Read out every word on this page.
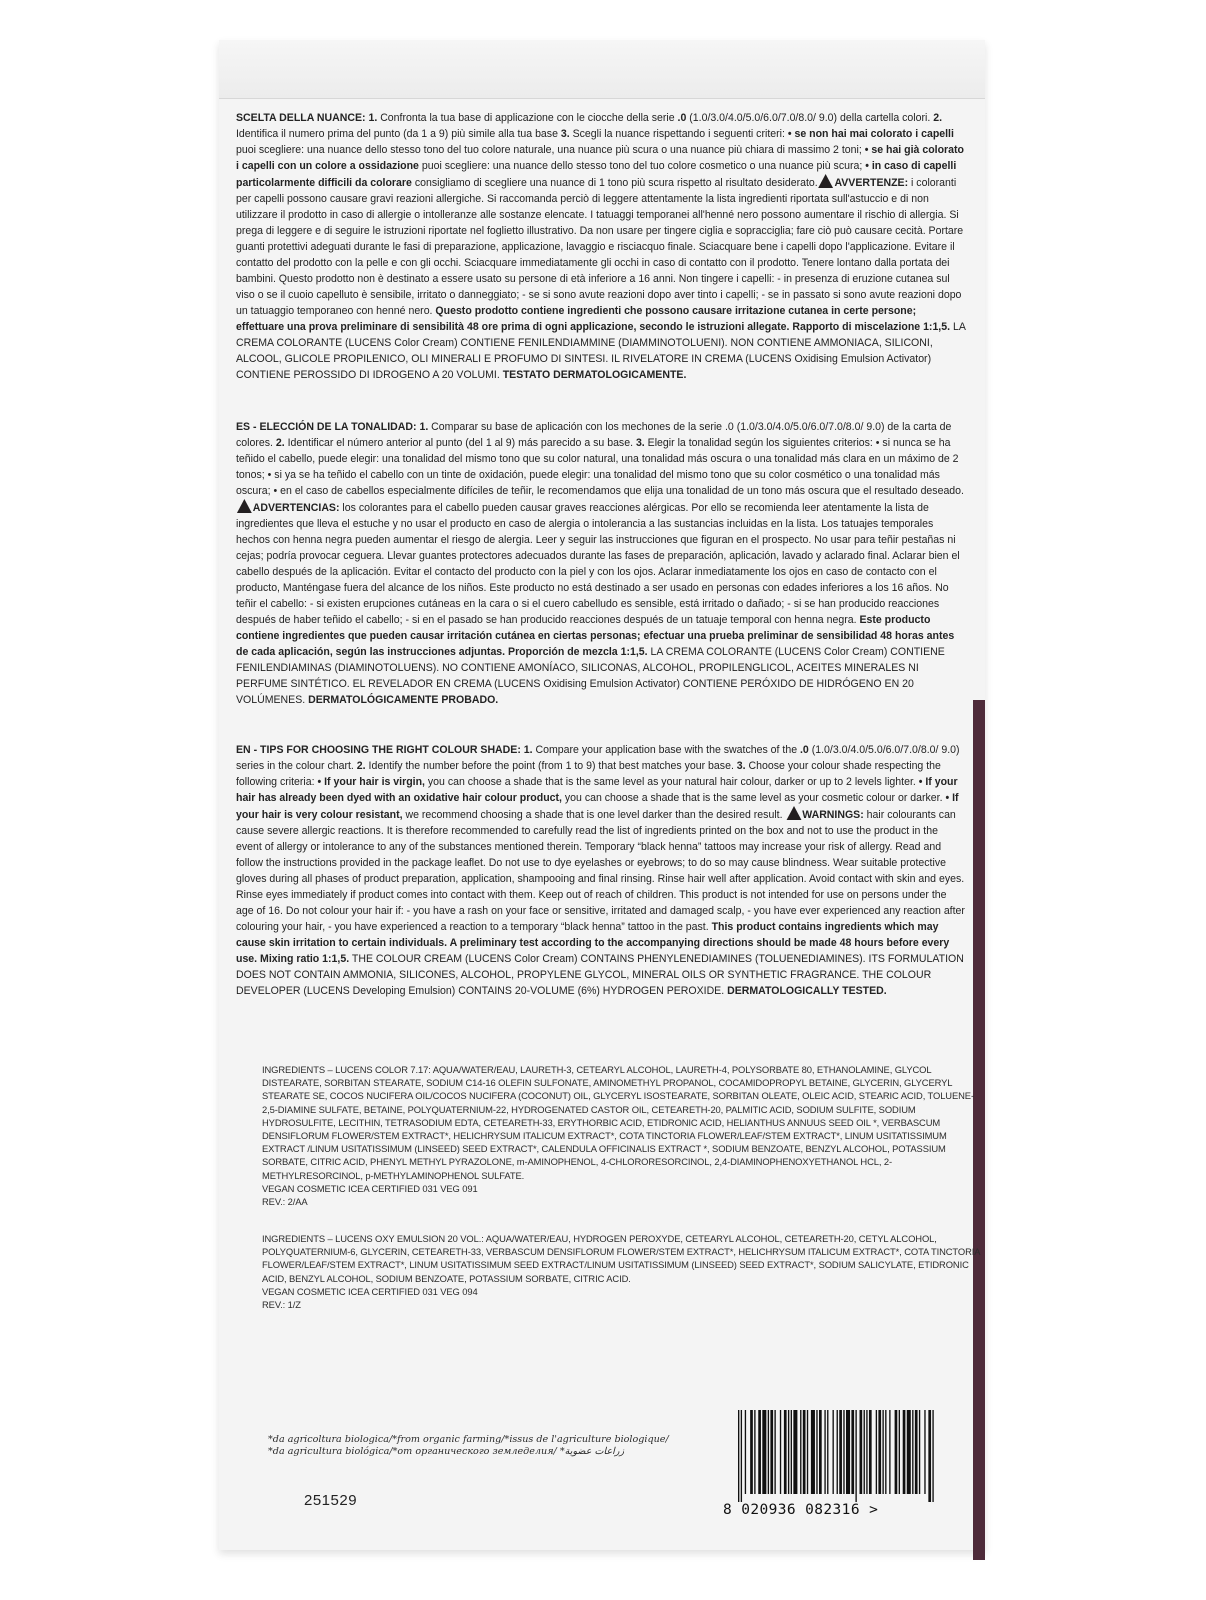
SCELTA DELLA NUANCE: 1. Confronta la tua base di applicazione con le ciocche della serie .0 (1.0/3.0/4.0/5.0/6.0/7.0/8.0/ 9.0) della cartella colori. 2. Identifica il numero prima del punto (da 1 a 9) più simile alla tua base 3. Scegli la nuance rispettando i seguenti criteri: • se non hai mai colorato i capelli puoi scegliere: una nuance dello stesso tono del tuo colore naturale, una nuance più scura o una nuance più chiara di massimo 2 toni; • se hai già colorato i capelli con un colore a ossidazione puoi scegliere: una nuance dello stesso tono del tuo colore cosmetico o una nuance più scura; • in caso di capelli particolarmente difficili da colorare consigliamo di scegliere una nuance di 1 tono più scura rispetto al risultato desiderato. AVVERTENZE: i coloranti per capelli possono causare gravi reazioni allergiche. Si raccomanda perciò di leggere attentamente la lista ingredienti riportata sull'astuccio e di non utilizzare il prodotto in caso di allergie o intolleranze alle sostanze elencate. I tatuaggi temporanei all'henné nero possono aumentare il rischio di allergia. Si prega di leggere e di seguire le istruzioni riportate nel foglietto illustrativo. Da non usare per tingere ciglia e sopracciglia; fare ciò può causare cecità. Portare guanti protettivi adeguati durante le fasi di preparazione, applicazione, lavaggio e risciacquo finale. Sciacquare bene i capelli dopo l'applicazione. Evitare il contatto del prodotto con la pelle e con gli occhi. Sciacquare immediatamente gli occhi in caso di contatto con il prodotto. Tenere lontano dalla portata dei bambini. Questo prodotto non è destinato a essere usato su persone di età inferiore a 16 anni. Non tingere i capelli: - in presenza di eruzione cutanea sul viso o se il cuoio capelluto è sensibile, irritato o danneggiato; - se si sono avute reazioni dopo aver tinto i capelli; - se in passato si sono avute reazioni dopo un tatuaggio temporaneo con henné nero. Questo prodotto contiene ingredienti che possono causare irritazione cutanea in certe persone; effettuare una prova preliminare di sensibilità 48 ore prima di ogni applicazione, secondo le istruzioni allegate. Rapporto di miscelazione 1:1,5. LA CREMA COLORANTE (LUCENS Color Cream) CONTIENE FENILENDIAMMINE (DIAMMINOTOLUENI). NON CONTIENE AMMONIACA, SILICONI, ALCOOL, GLICOLE PROPILENICO, OLI MINERALI E PROFUMO DI SINTESI. IL RIVELATORE IN CREMA (LUCENS Oxidising Emulsion Activator) CONTIENE PEROSSIDO DI IDROGENO A 20 VOLUMI. TESTATO DERMATOLOGICAMENTE.

ES - ELECCIÓN DE LA TONALIDAD: 1. Comparar su base de aplicación con los mechones de la serie .0 (1.0/3.0/4.0/5.0/6.0/7.0/8.0/ 9.0) de la carta de colores. 2. Identificar el número anterior al punto (del 1 al 9) más parecido a su base. 3. Elegir la tonalidad según los siguientes criterios: • si nunca se ha teñido el cabello, puede elegir: una tonalidad del mismo tono que su color natural, una tonalidad más oscura o una tonalidad más clara en un máximo de 2 tonos; • si ya se ha teñido el cabello con un tinte de oxidación, puede elegir: una tonalidad del mismo tono que su color cosmético o una tonalidad más oscura; • en el caso de cabellos especialmente difíciles de teñir, le recomendamos que elija una tonalidad de un tono más oscura que el resultado deseado. ADVERTENCIAS: los colorantes para el cabello pueden causar graves reacciones alérgicas. Por ello se recomienda leer atentamente la lista de ingredientes que lleva el estuche y no usar el producto en caso de alergia o intolerancia a las sustancias incluidas en la lista. Los tatuajes temporales hechos con henna negra pueden aumentar el riesgo de alergia. Leer y seguir las instrucciones que figuran en el prospecto. No usar para teñir pestañas ni cejas; podría provocar ceguera. Llevar guantes protectores adecuados durante las fases de preparación, aplicación, lavado y aclarado final. Aclarar bien el cabello después de la aplicación. Evitar el contacto del producto con la piel y con los ojos. Aclarar inmediatamente los ojos en caso de contacto con el producto, Manténgase fuera del alcance de los niños. Este producto no está destinado a ser usado en personas con edades inferiores a los 16 años. No teñir el cabello: - si existen erupciones cutáneas en la cara o si el cuero cabelludo es sensible, está irritado o dañado; - si se han producido reacciones después de haber teñido el cabello; - si en el pasado se han producido reacciones después de un tatuaje temporal con henna negra. Este producto contiene ingredientes que pueden causar irritación cutánea en ciertas personas; efectuar una prueba preliminar de sensibilidad 48 horas antes de cada aplicación, según las instrucciones adjuntas. Proporción de mezcla 1:1,5. LA CREMA COLORANTE (LUCENS Color Cream) CONTIENE FENILENDIAMINAS (DIAMINOTOLUENS). NO CONTIENE AMONÍACO, SILICONAS, ALCOHOL, PROPILENGLICOL, ACEITES MINERALES NI PERFUME SINTÉTICO. EL REVELADOR EN CREMA (LUCENS Oxidising Emulsion Activator) CONTIENE PERÓXIDO DE HIDRÓGENO EN 20 VOLÚMENES. DERMATOLÓGICAMENTE PROBADO.

EN - TIPS FOR CHOOSING THE RIGHT COLOUR SHADE: 1. Compare your application base with the swatches of the .0 (1.0/3.0/4.0/5.0/6.0/7.0/8.0/ 9.0) series in the colour chart. 2. Identify the number before the point (from 1 to 9) that best matches your base. 3. Choose your colour shade respecting the following criteria: • If your hair is virgin, you can choose a shade that is the same level as your natural hair colour, darker or up to 2 levels lighter. • If your hair has already been dyed with an oxidative hair colour product, you can choose a shade that is the same level as your cosmetic colour or darker. • If your hair is very colour resistant, we recommend choosing a shade that is one level darker than the desired result. WARNINGS: hair colourants can cause severe allergic reactions. It is therefore recommended to carefully read the list of ingredients printed on the box and not to use the product in the event of allergy or intolerance to any of the substances mentioned therein. Temporary “black henna” tattoos may increase your risk of allergy. Read and follow the instructions provided in the package leaflet. Do not use to dye eyelashes or eyebrows; to do so may cause blindness. Wear suitable protective gloves during all phases of product preparation, application, shampooing and final rinsing. Rinse hair well after application. Avoid contact with skin and eyes. Rinse eyes immediately if product comes into contact with them. Keep out of reach of children. This product is not intended for use on persons under the age of 16. Do not colour your hair if: - you have a rash on your face or sensitive, irritated and damaged scalp, - you have ever experienced any reaction after colouring your hair, - you have experienced a reaction to a temporary “black henna” tattoo in the past. This product contains ingredients which may cause skin irritation to certain individuals. A preliminary test according to the accompanying directions should be made 48 hours before every use. Mixing ratio 1:1,5. THE COLOUR CREAM (LUCENS Color Cream) CONTAINS PHENYLENEDIAMINES (TOLUENEDIAMINES). ITS FORMULATION DOES NOT CONTAIN AMMONIA, SILICONES, ALCOHOL, PROPYLENE GLYCOL, MINERAL OILS OR SYNTHETIC FRAGRANCE. THE COLOUR DEVELOPER (LUCENS Developing Emulsion) CONTAINS 20-VOLUME (6%) HYDROGEN PEROXIDE. DERMATOLOGICALLY TESTED.

INGREDIENTS – LUCENS COLOR 7.17: AQUA/WATER/EAU, LAURETH-3, CETEARYL ALCOHOL, LAURETH-4, POLYSORBATE 80, ETHANOLAMINE, GLYCOL DISTEARATE, SORBITAN STEARATE, SODIUM C14-16 OLEFIN SULFONATE, AMINOMETHYL PROPANOL, COCAMIDOPROPYL BETAINE, GLYCERIN, GLYCERYL STEARATE SE, COCOS NUCIFERA OIL/COCOS NUCIFERA (COCONUT) OIL, GLYCERYL ISOSTEARATE, SORBITAN OLEATE, OLEIC ACID, STEARIC ACID, TOLUENE-2,5-DIAMINE SULFATE, BETAINE, POLYQUATERNIUM-22, HYDROGENATED CASTOR OIL, CETEARETH-20, PALMITIC ACID, SODIUM SULFITE, SODIUM HYDROSULFITE, LECITHIN, TETRASODIUM EDTA, CETEARETH-33, ERYTHORBIC ACID, ETIDRONIC ACID, HELIANTHUS ANNUUS SEED OIL *, VERBASCUM DENSIFLORUM FLOWER/STEM EXTRACT*, HELICHRYSUM ITALICUM EXTRACT*, COTA TINCTORIA FLOWER/LEAF/STEM EXTRACT*, LINUM USITATISSIMUM EXTRACT /LINUM USITATISSIMUM (LINSEED) SEED EXTRACT*, CALENDULA OFFICINALIS EXTRACT *, SODIUM BENZOATE, BENZYL ALCOHOL, POTASSIUM SORBATE, CITRIC ACID, PHENYL METHYL PYRAZOLONE, m-AMINOPHENOL, 4-CHLORORESORCINOL, 2,4-DIAMINOPHENOXYETHANOL HCL, 2-METHYLRESORCINOL, p-METHYLAMINOPHENOL SULFATE.

VEGAN COSMETIC ICEA CERTIFIED 031 VEG 091

REV.: 2/AA

INGREDIENTS – LUCENS OXY EMULSION 20 VOL.: AQUA/WATER/EAU, HYDROGEN PEROXYDE, CETEARYL ALCOHOL, CETEARETH-20, CETYL ALCOHOL, POLYQUATERNIUM-6, GLYCERIN, CETEARETH-33, VERBASCUM DENSIFLORUM FLOWER/STEM EXTRACT*, HELICHRYSUM ITALICUM EXTRACT*, COTA TINCTORIA FLOWER/LEAF/STEM EXTRACT*, LINUM USITATISSIMUM SEED EXTRACT/LINUM USITATISSIMUM (LINSEED) SEED EXTRACT*, SODIUM SALICYLATE, ETIDRONIC ACID, BENZYL ALCOHOL, SODIUM BENZOATE, POTASSIUM SORBATE, CITRIC ACID.

VEGAN COSMETIC ICEA CERTIFIED 031 VEG 094

REV.: 1/Z

*da agricoltura biologica/*from organic farming/*issus de l'agriculture biologique/

*da agricultura biológica/*от органического земледелия/ *زراعات عضوية

251529
8 020936 082316 >
